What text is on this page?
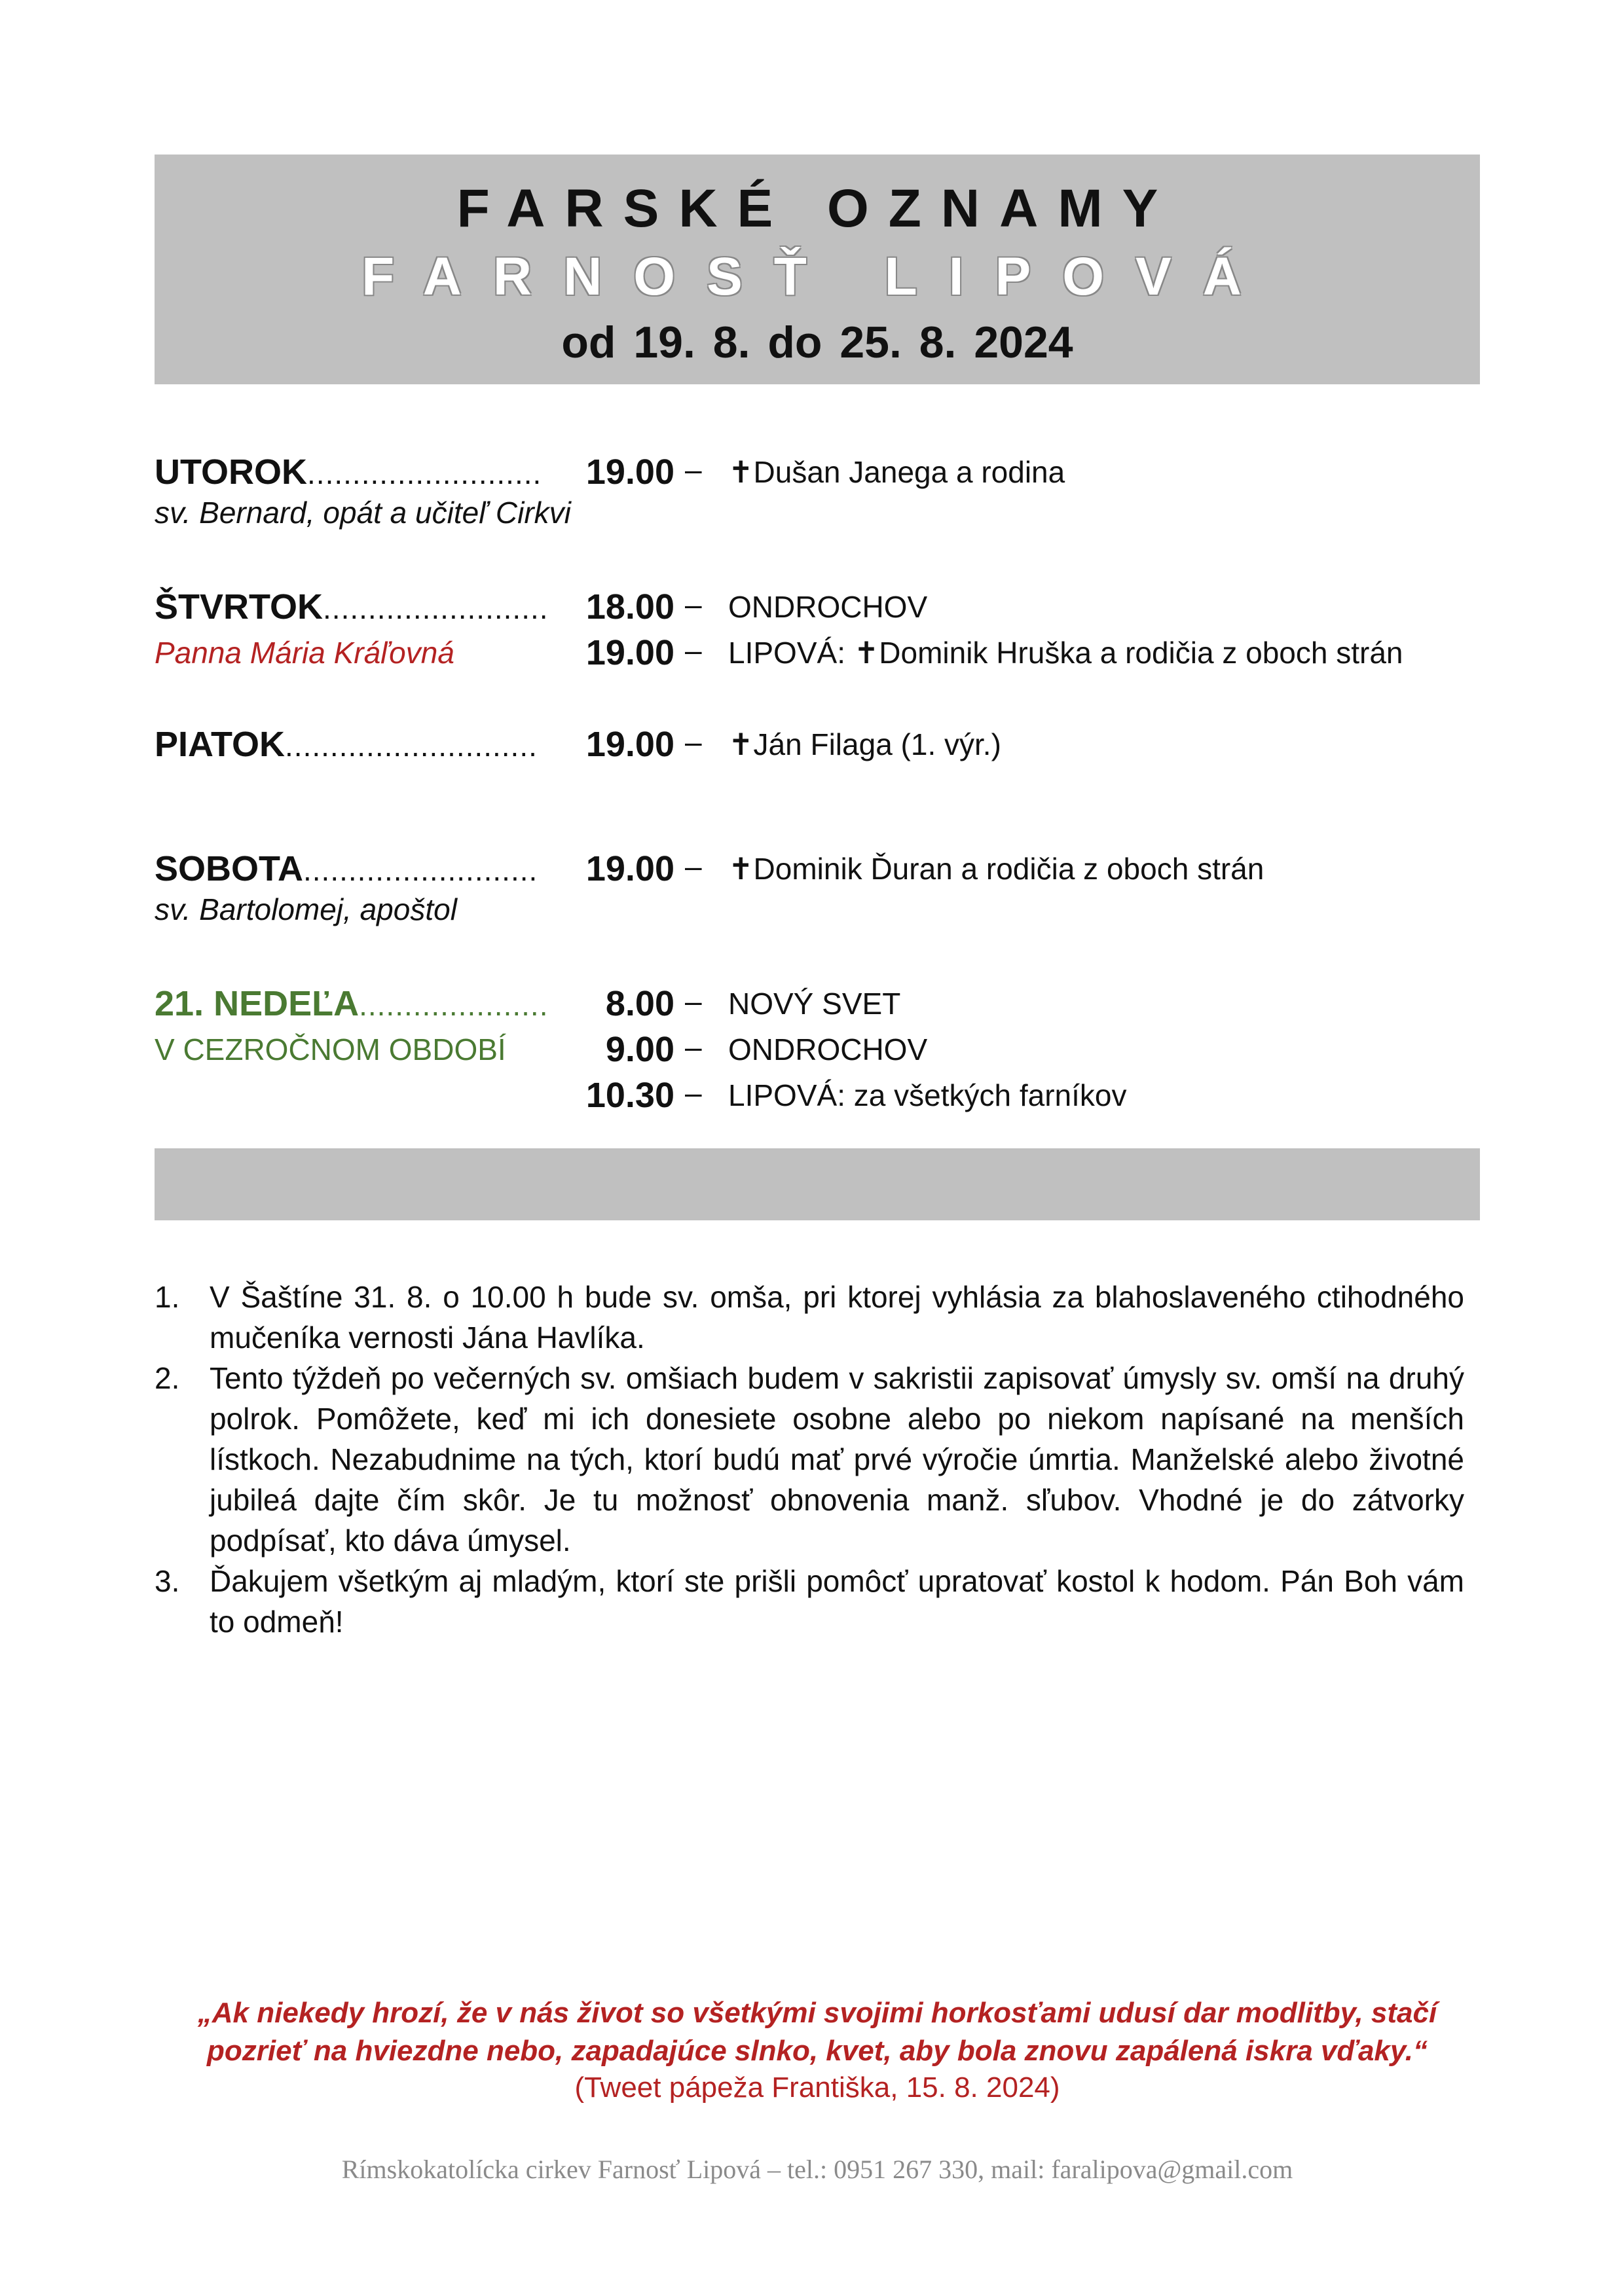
FARSKÉ OZNAMY
FARNOSŤ LIPOVÁ
od 19. 8. do 25. 8. 2024
UTOROK.......................... 19.00 – ✝Dušan Janega a rodina
sv. Bernard, opát a učiteľ Cirkvi
ŠTVRTOK......................... 18.00 – ONDROCHOV
Panna Mária Kráľovná	19.00 – LIPOVÁ: ✝Dominik Hruška a rodičia z oboch strán
PIATOK............................ 19.00 – ✝Ján Filaga (1. výr.)
SOBOTA.......................... 19.00 – ✝Dominik Ďuran a rodičia z oboch strán
sv. Bartolomej, apoštol
21. NEDEĽA..................... 8.00 – NOVÝ SVET
V CEZROČNOM OBDOBÍ	9.00 – ONDROCHOV
10.30 – LIPOVÁ: za všetkých farníkov
1. V Šaštíne 31. 8. o 10.00 h bude sv. omša, pri ktorej vyhlásia za blahoslaveného ctihodného mučeníka vernosti Jána Havlíka.
2. Tento týždeň po večerných sv. omšiach budem v sakristii zapisovať úmysly sv. omší na druhý polrok. Pomôžete, keď mi ich donesiete osobne alebo po niekom napísané na menších lístkoch. Nezabudnime na tých, ktorí budú mať prvé výročie úmrtia. Manželské alebo životné jubileá dajte čím skôr. Je tu možnosť obnovenia manž. sľubov. Vhodné je do zátvorky podpísať, kto dáva úmysel.
3. Ďakujem všetkým aj mladým, ktorí ste prišli pomôcť upratovať kostol k hodom. Pán Boh vám to odmeň!
„Ak niekedy hrozí, že v nás život so všetkými svojimi horkosťami udusí dar modlitby, stačí pozrieť na hviezdne nebo, zapadajúce slnko, kvet, aby bola znovu zapálená iskra vďaky.“
(Tweet pápeža Františka, 15. 8. 2024)
Rímskokatolícka cirkev Farnosť Lipová – tel.: 0951 267 330, mail: faralipova@gmail.com
